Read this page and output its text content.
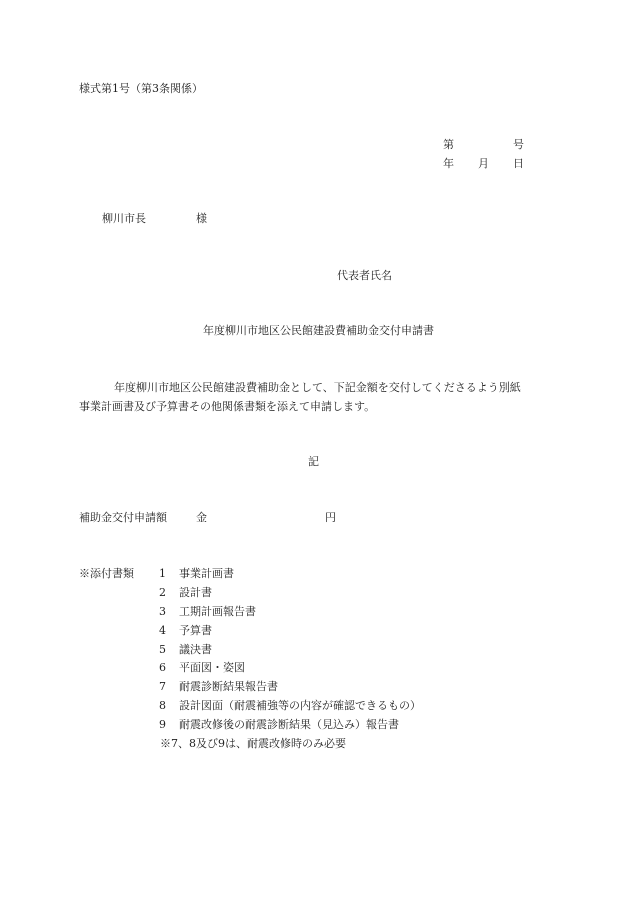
様式第1号（第3条関係）
第	号
年 月 日
柳川市長	様
代表者氏名
年度柳川市地区公民館建設費補助金交付申請書
年度柳川市地区公民館建設費補助金として、下記金額を交付してくださるよう別紙
事業計画書及び予算書その他関係書類を添えて申請します。
記
補助金交付申請額	金	円
※添付書類	1 事業計画書
2 設計書
3 工期計画報告書
4 予算書
5 議決書
6 平面図・姿図
7 耐震診断結果報告書
8 設計図面（耐震補強等の内容が確認できるもの）
9 耐震改修後の耐震診断結果（見込み）報告書
※7、8及び9は、耐震改修時のみ必要
